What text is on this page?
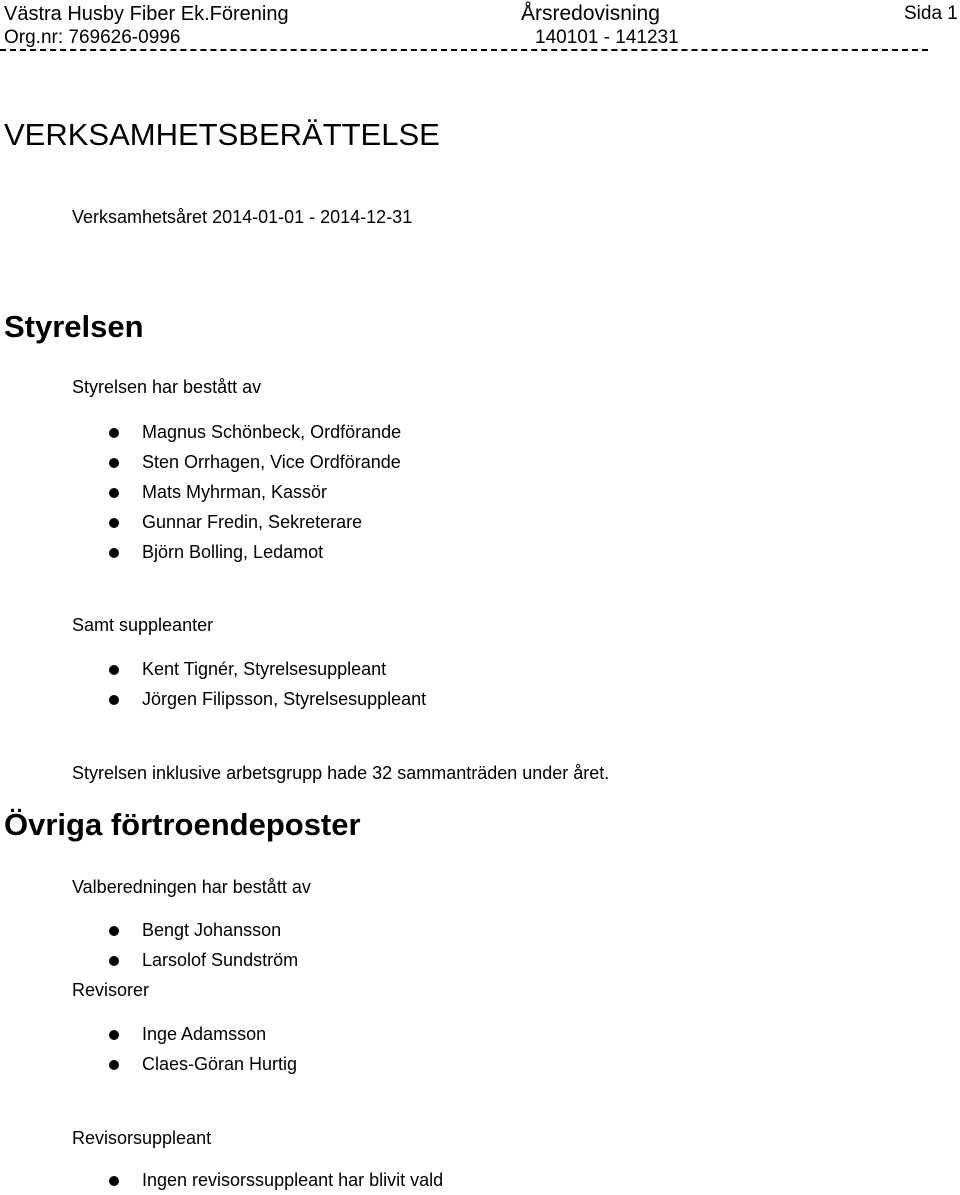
Västra Husby Fiber Ek.Förening	Årsredovisning	Sida 1
Org.nr: 769626-0996	140101 - 141231
VERKSAMHETSBERÄTTELSE
Verksamhetsåret 2014-01-01 - 2014-12-31
Styrelsen
Styrelsen har bestått av
Magnus Schönbeck, Ordförande
Sten Orrhagen, Vice Ordförande
Mats Myhrman, Kassör
Gunnar Fredin, Sekreterare
Björn Bolling, Ledamot
Samt suppleanter
Kent Tignér, Styrelsesuppleant
Jörgen Filipsson, Styrelsesuppleant
Styrelsen inklusive arbetsgrupp hade 32 sammanträden under året.
Övriga förtroendeposter
Valberedningen har bestått av
Bengt Johansson
Larsolof Sundström
Revisorer
Inge Adamsson
Claes-Göran Hurtig
Revisorsuppleant
Ingen revisorssuppleant har blivit vald
